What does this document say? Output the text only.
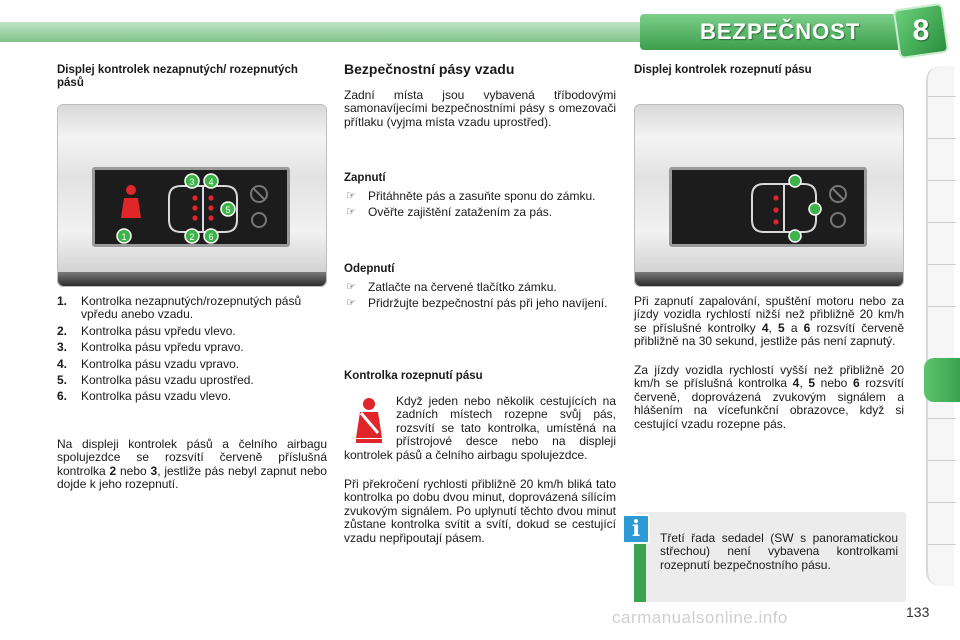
BEZPEČNOST	8
Displej kontrolek nezapnutých/ rozepnutých pásů
1	2
3 4
5
6
1.	Kontrolka nezapnutých/rozepnutých pásů vpředu anebo vzadu.
2.	Kontrolka pásu vpředu vlevo.
3.	Kontrolka pásu vpředu vpravo.
4.	Kontrolka pásu vzadu vpravo.
5.	Kontrolka pásu vzadu uprostřed.
6.	Kontrolka pásu vzadu vlevo.
Na displeji kontrolek pásů a čelního airbagu spolujezdce se rozsvítí červeně příslušná kontrolka 2 nebo 3, jestliže pás nebyl zapnut nebo dojde k jeho rozepnutí.
Bezpečnostní pásy vzadu
Zadní místa jsou vybavená tříbodovými samonavíjecími bezpečnostními pásy s omezovači přítlaku (vyjma místa vzadu uprostřed).
Zapnutí
☞	Přitáhněte pás a zasuňte sponu do zámku.
☞	Ověřte zajištění zatažením za pás.
Odepnutí
☞	Zatlačte na červené tlačítko zámku.
☞	Přidržujte bezpečnostní pás při jeho navíjení.
Kontrolka rozepnutí pásu
Když jeden nebo několik cestujících na zadních místech rozepne svůj pás, rozsvítí se tato kontrolka, umístěná na přístrojové desce nebo na displeji kontrolek pásů a čelního airbagu spolujezdce.
Při překročení rychlosti přibližně 20 km/h bliká tato kontrolka po dobu dvou minut, doprovázená sílícím zvukovým signálem. Po uplynutí těchto dvou minut zůstane kontrolka svítit a svítí, dokud se cestující vzadu nepřipoutají pásem.
Displej kontrolek rozepnutí pásu
Při zapnutí zapalování, spuštění motoru nebo za jízdy vozidla rychlostí nižší než přibližně 20 km/h se příslušné kontrolky 4, 5 a 6 rozsvítí červeně přibližně na 30 sekund, jestliže pás není zapnutý.
Za jízdy vozidla rychlostí vyšší než přibližně 20 km/h se příslušná kontrolka 4, 5 nebo 6 rozsvítí červeně, doprovázená zvukovým signálem a hlášením na vícefunkční obrazovce, když si cestující vzadu rozepne pás.
i	Třetí řada sedadel (SW s panoramatickou střechou) není vybavena kontrolkami rozepnutí bezpečnostního pásu.
carmanualsonline.info	133
